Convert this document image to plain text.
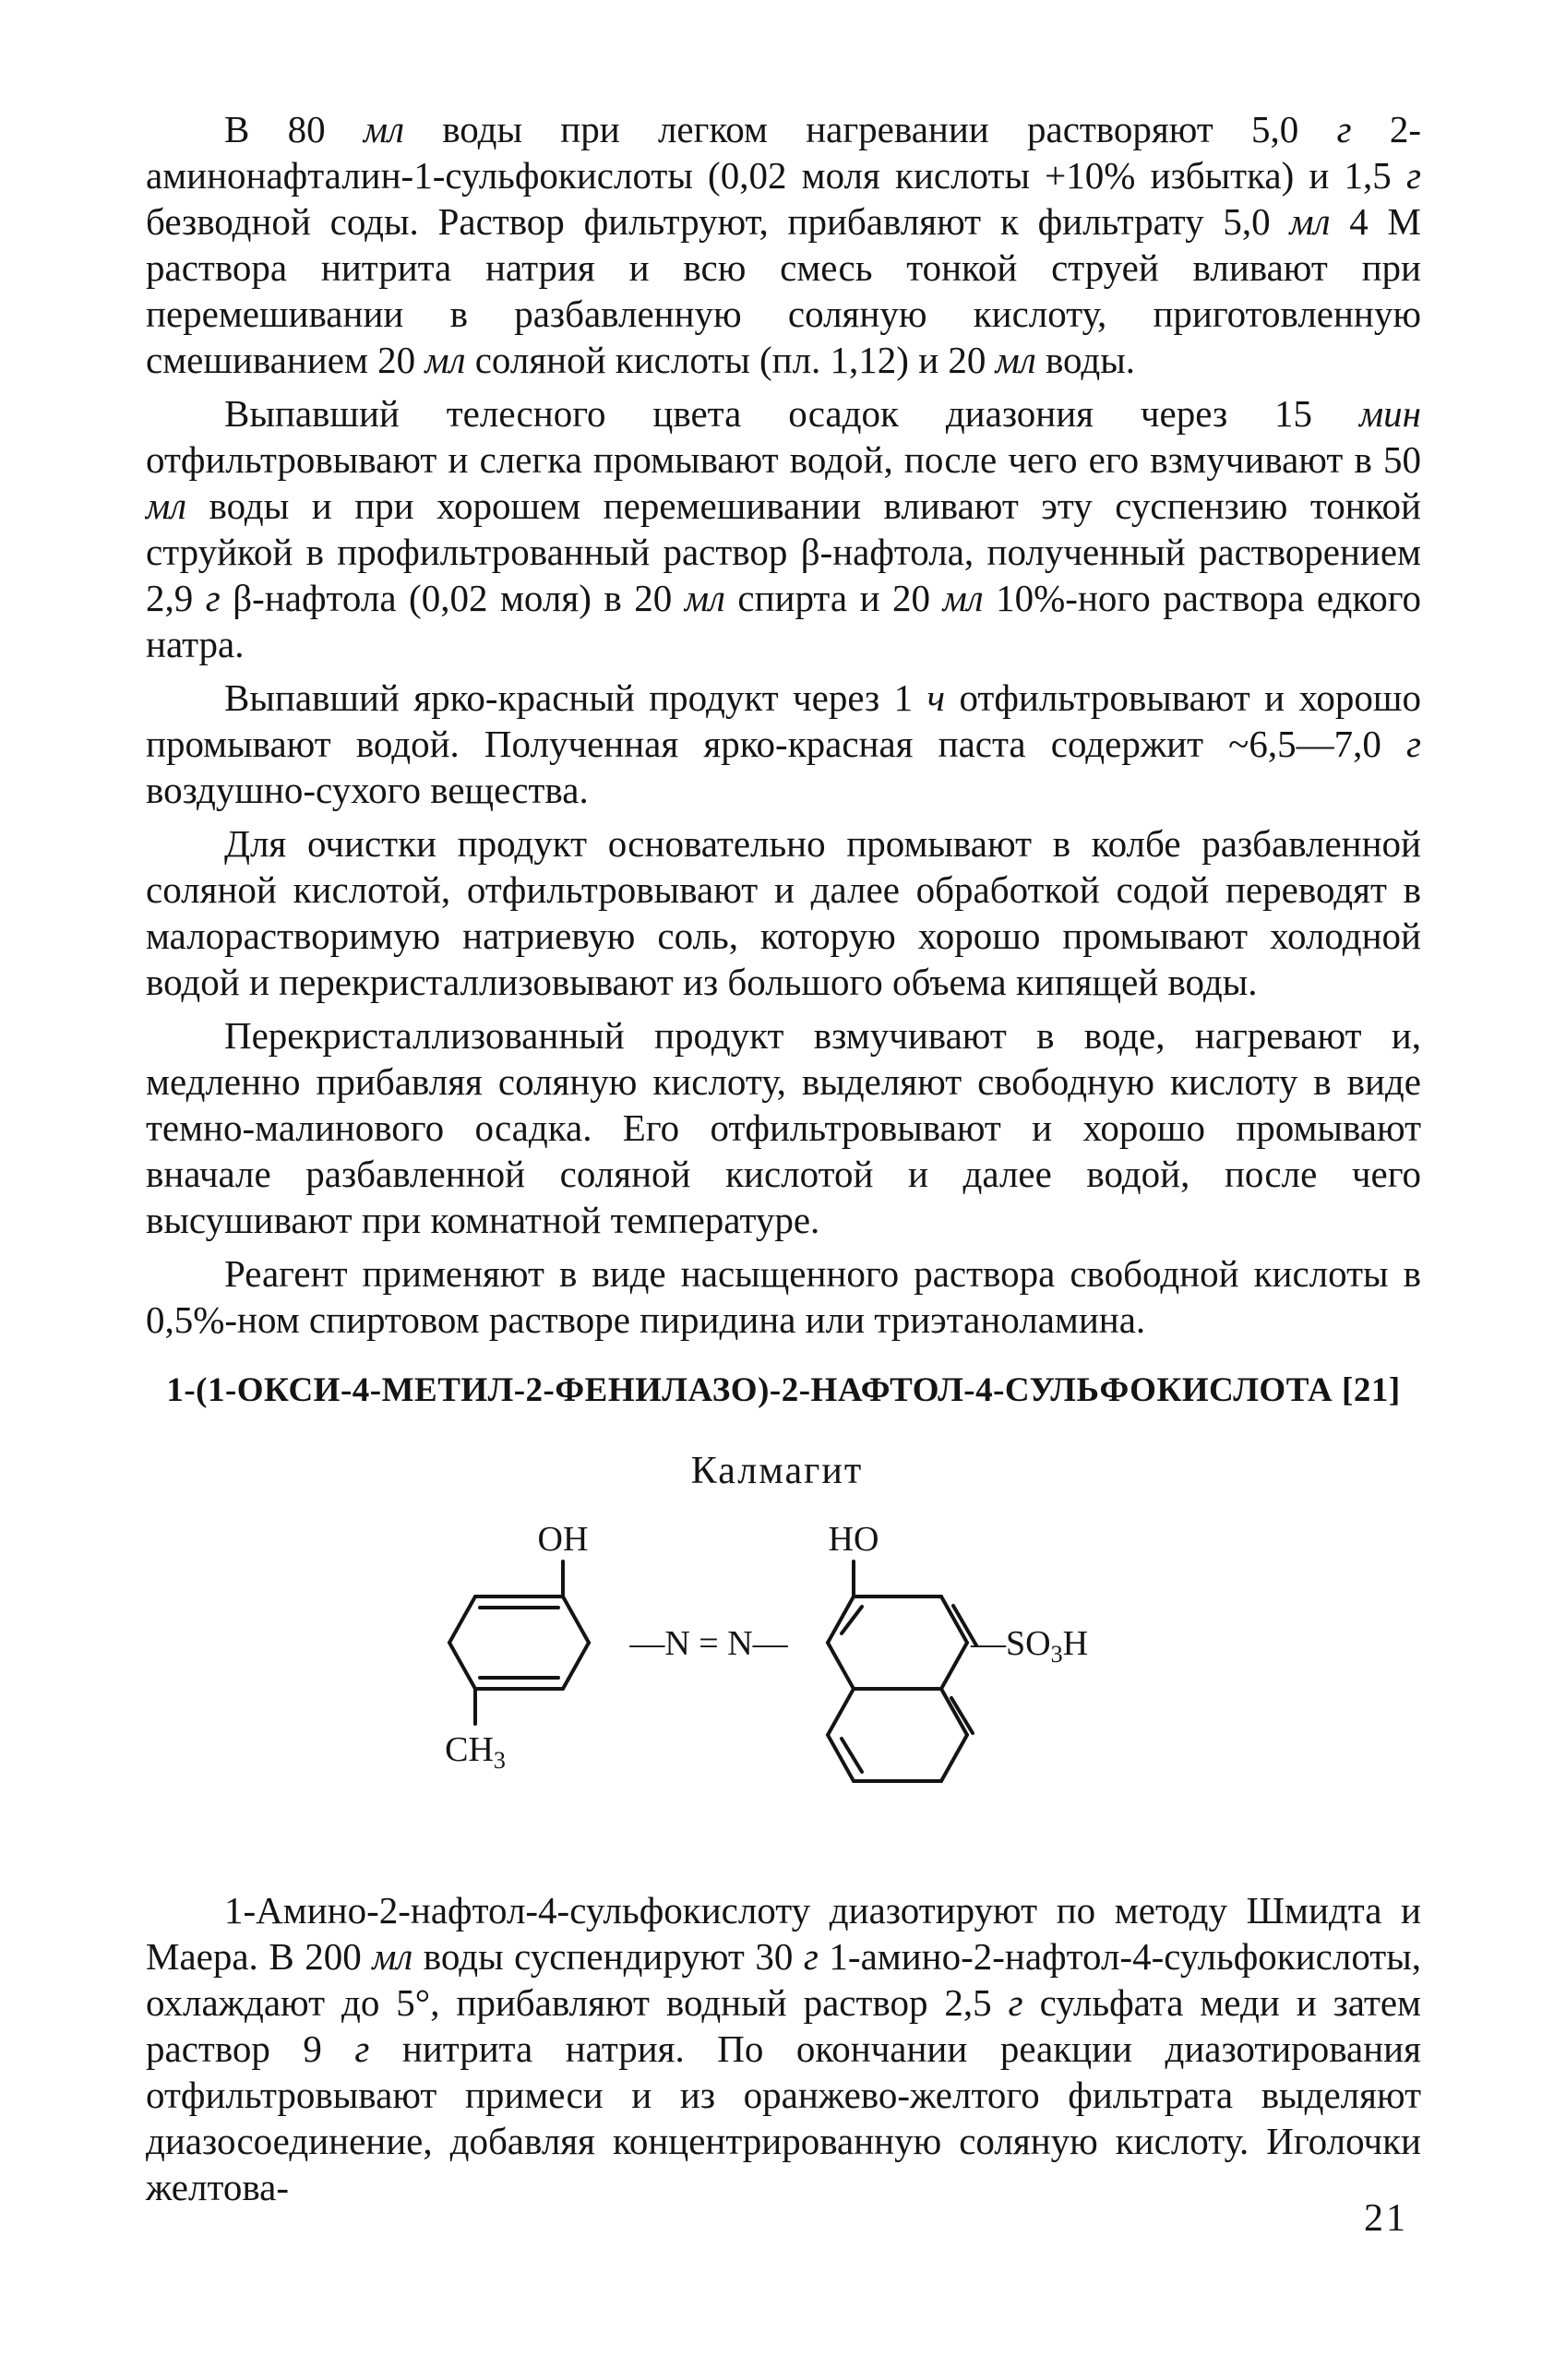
В 80 мл воды при легком нагревании растворяют 5,0 г 2-аминонафталин-1-сульфокислоты (0,02 моля кислоты +10% избытка) и 1,5 г безводной соды. Раствор фильтруют, прибавляют к фильтрату 5,0 мл 4 М раствора нитрита натрия и всю смесь тонкой струей вливают при перемешивании в разбавленную соляную кислоту, приготовленную смешиванием 20 мл соляной кислоты (пл. 1,12) и 20 мл воды.

Выпавший телесного цвета осадок диазония через 15 мин отфильтровывают и слегка промывают водой, после чего его взмучивают в 50 мл воды и при хорошем перемешивании вливают эту суспензию тонкой струйкой в профильтрованный раствор β-нафтола, полученный растворением 2,9 г β-нафтола (0,02 моля) в 20 мл спирта и 20 мл 10%-ного раствора едкого натра.

Выпавший ярко-красный продукт через 1 ч отфильтровывают и хорошо промывают водой. Полученная ярко-красная паста содержит ~6,5—7,0 г воздушно-сухого вещества.

Для очистки продукт основательно промывают в колбе разбавленной соляной кислотой, отфильтровывают и далее обработкой содой переводят в малорастворимую натриевую соль, которую хорошо промывают холодной водой и перекристаллизовывают из большого объема кипящей воды.

Перекристаллизованный продукт взмучивают в воде, нагревают и, медленно прибавляя соляную кислоту, выделяют свободную кислоту в виде темно-малинового осадка. Его отфильтровывают и хорошо промывают вначале разбавленной соляной кислотой и далее водой, после чего высушивают при комнатной температуре.

Реагент применяют в виде насыщенного раствора свободной кислоты в 0,5%-ном спиртовом растворе пиридина или триэтаноламина.

1-(1-ОКСИ-4-МЕТИЛ-2-ФЕНИЛАЗО)-2-НАФТОЛ-4-СУЛЬФОКИСЛОТА [21]
Калмагит
OH	HO
—N = N—	$—SO_3H$
$CH_3$

1-Амино-2-нафтол-4-сульфокислоту диазотируют по методу Шмидта и Маера. В 200 мл воды суспендируют 30 г 1-амино-2-нафтол-4-сульфокислоты, охлаждают до 5°, прибавляют водный раствор 2,5 г сульфата меди и затем раствор 9 г нитрита натрия. По окончании реакции диазотирования отфильтровывают примеси и из оранжево-желтого фильтрата выделяют диазосоединение, добавляя концентрированную соляную кислоту. Иголочки желтова-

21
